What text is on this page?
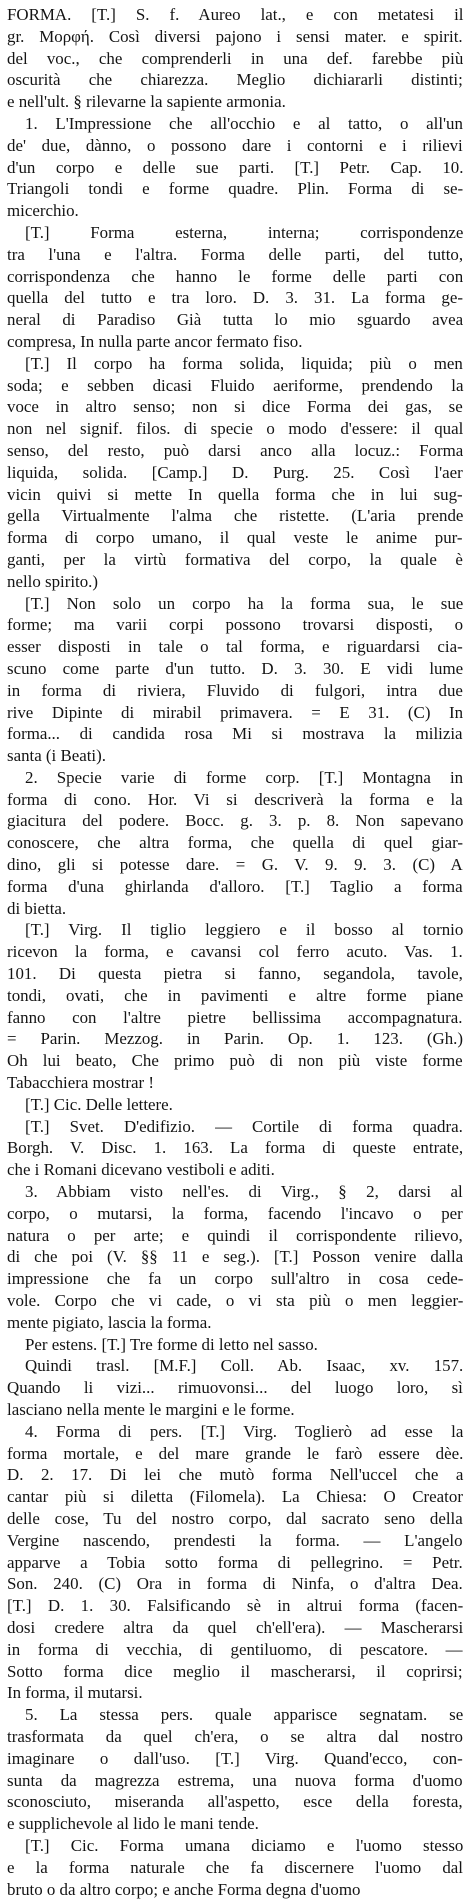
FORMA. [T.] S. f. Aureo lat., e con metatesi il
gr. Μορφή. Così diversi pajono i sensi mater. e spirit.
del voc., che comprenderli in una def. farebbe più
oscurità che chiarezza. Meglio dichiararli distinti;
e nell'ult. § rilevarne la sapiente armonia.
1. L'Impressione che all'occhio e al tatto, o all'un
de' due, dànno, o possono dare i contorni e i rilievi
d'un corpo e delle sue parti. [T.] Petr. Cap. 10.
Triangoli tondi e forme quadre. Plin. Forma di se-
micerchio.
[T.] Forma esterna, interna; corrispondenze
tra l'una e l'altra. Forma delle parti, del tutto,
corrispondenza che hanno le forme delle parti con
quella del tutto e tra loro. D. 3. 31. La forma ge-
neral di Paradiso Già tutta lo mio sguardo avea
compresa, In nulla parte ancor fermato fiso.
[T.] Il corpo ha forma solida, liquida; più o men
soda; e sebben dicasi Fluido aeriforme, prendendo la
voce in altro senso; non si dice Forma dei gas, se
non nel signif. filos. di specie o modo d'essere: il qual
senso, del resto, può darsi anco alla locuz.: Forma
liquida, solida. [Camp.] D. Purg. 25. Così l'aer
vicin quivi si mette In quella forma che in lui sug-
gella Virtualmente l'alma che ristette. (L'aria prende
forma di corpo umano, il qual veste le anime pur-
ganti, per la virtù formativa del corpo, la quale è
nello spirito.)
[T.] Non solo un corpo ha la forma sua, le sue
forme; ma varii corpi possono trovarsi disposti, o
esser disposti in tale o tal forma, e riguardarsi cia-
scuno come parte d'un tutto. D. 3. 30. E vidi lume
in forma di riviera, Fluvido di fulgori, intra due
rive Dipinte di mirabil primavera. = E 31. (C) In
forma... di candida rosa Mi si mostrava la milizia
santa (i Beati).
2. Specie varie di forme corp. [T.] Montagna in
forma di cono. Hor. Vi si descriverà la forma e la
giacitura del podere. Bocc. g. 3. p. 8. Non sapevano
conoscere, che altra forma, che quella di quel giar-
dino, gli si potesse dare. = G. V. 9. 9. 3. (C) A
forma d'una ghirlanda d'alloro. [T.] Taglio a forma
di bietta.
[T.] Virg. Il tiglio leggiero e il bosso al tornio
ricevon la forma, e cavansi col ferro acuto. Vas. 1.
101. Di questa pietra si fanno, segandola, tavole,
tondi, ovati, che in pavimenti e altre forme piane
fanno con l'altre pietre bellissima accompagnatura.
= Parin. Mezzog. in Parin. Op. 1. 123. (Gh.)
Oh lui beato, Che primo può di non più viste forme
Tabacchiera mostrar !
[T.] Cic. Delle lettere.
[T.] Svet. D'edifizio. — Cortile di forma quadra.
Borgh. V. Disc. 1. 163. La forma di queste entrate,
che i Romani dicevano vestiboli e aditi.
3. Abbiam visto nell'es. di Virg., § 2, darsi al
corpo, o mutarsi, la forma, facendo l'incavo o per
natura o per arte; e quindi il corrispondente rilievo,
di che poi (V. §§ 11 e seg.). [T.] Posson venire dalla
impressione che fa un corpo sull'altro in cosa cede-
vole. Corpo che vi cade, o vi sta più o men leggier-
mente pigiato, lascia la forma.
Per estens. [T.] Tre forme di letto nel sasso.
Quindi trasl. [M.F.] Coll. Ab. Isaac, xv. 157.
Quando li vizi... rimuovonsi... del luogo loro, sì
lasciano nella mente le margini e le forme.
4. Forma di pers. [T.] Virg. Toglierò ad esse la
forma mortale, e del mare grande le farò essere dèe.
D. 2. 17. Di lei che mutò forma Nell'uccel che a
cantar più si diletta (Filomela). La Chiesa: O Creator
delle cose, Tu del nostro corpo, dal sacrato seno della
Vergine nascendo, prendesti la forma. — L'angelo
apparve a Tobia sotto forma di pellegrino. = Petr.
Son. 240. (C) Ora in forma di Ninfa, o d'altra Dea.
[T.] D. 1. 30. Falsificando sè in altrui forma (facen-
dosi credere altra da quel ch'ell'era). — Mascherarsi
in forma di vecchia, di gentiluomo, di pescatore. —
Sotto forma dice meglio il mascherarsi, il coprirsi;
In forma, il mutarsi.
5. La stessa pers. quale apparisce segnatam. se
trasformata da quel ch'era, o se altra dal nostro
imaginare o dall'uso. [T.] Virg. Quand'ecco, con-
sunta da magrezza estrema, una nuova forma d'uomo
sconosciuto, miseranda all'aspetto, esce della foresta,
e supplichevole al lido le mani tende.
[T.] Cic. Forma umana diciamo e l'uomo stesso
e la forma naturale che fa discernere l'uomo dal
bruto o da altro corpo; e anche Forma degna d'uomo
